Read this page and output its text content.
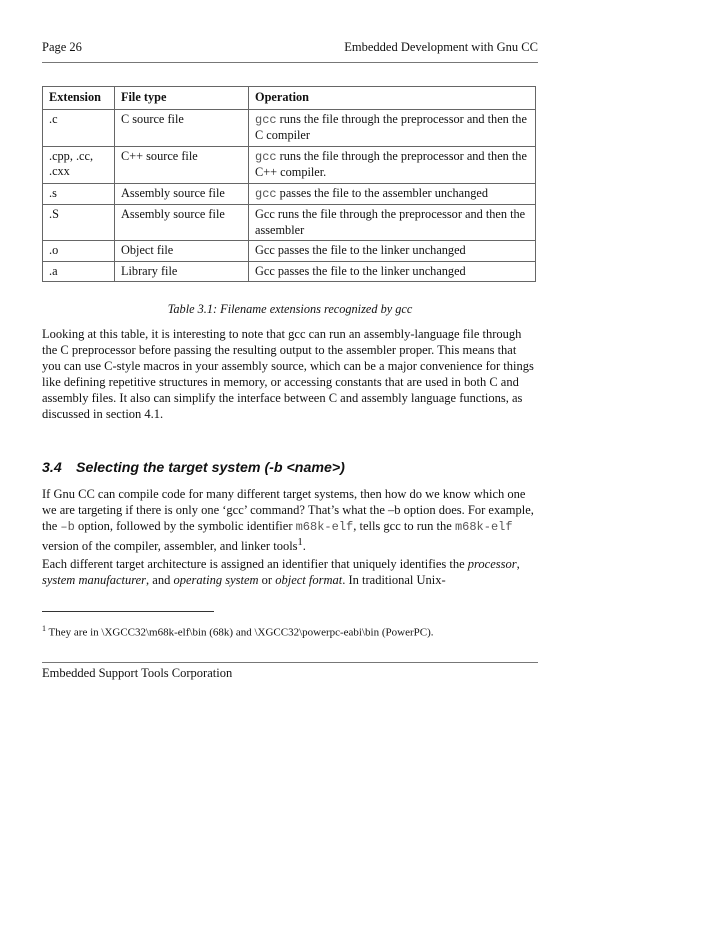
Page 26	Embedded Development with Gnu CC
Extension	File type	Operation
.c	C source file	gcc runs the file through the preprocessor and then the C compiler
.cpp, .cc, .cxx	C++ source file	gcc runs the file through the preprocessor and then the C++ compiler.
.s	Assembly source file	gcc passes the file to the assembler unchanged
.S	Assembly source file	Gcc runs the file through the preprocessor and then the assembler
.o	Object file	Gcc passes the file to the linker unchanged
.a	Library file	Gcc passes the file to the linker unchanged
Table 3.1: Filename extensions recognized by gcc

Looking at this table, it is interesting to note that gcc can run an assembly-language file through the C preprocessor before passing the resulting output to the assembler proper. This means that you can use C-style macros in your assembly source, which can be a major convenience for things like defining repetitive structures in memory, or accessing constants that are used in both C and assembly files. It also can simplify the interface between C and assembly language functions, as discussed in section 4.1.

3.4 Selecting the target system (-b <name>)

If Gnu CC can compile code for many different target systems, then how do we know which one we are targeting if there is only one ‘gcc’ command? That’s what the –b option does. For example, the –b option, followed by the symbolic identifier m68k-elf, tells gcc to run the m68k-elf version of the compiler, assembler, and linker tools$^1$.

Each different target architecture is assigned an identifier that uniquely identifies the processor, system manufacturer, and operating system or object format. In traditional Unix-

$^1$ They are in \XGCC32\m68k-elf\bin (68k) and \XGCC32\powerpc-eabi\bin (PowerPC).
Embedded Support Tools Corporation
